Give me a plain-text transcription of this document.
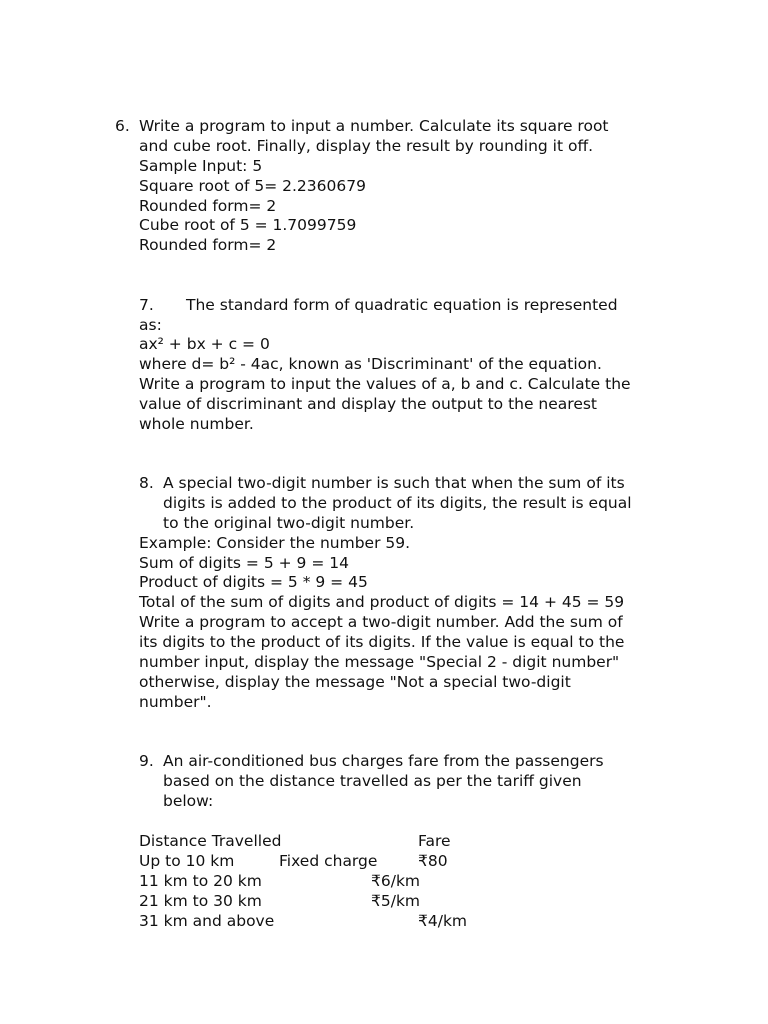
6. Write a program to input a number. Calculate its square root
and cube root. Finally, display the result by rounding it off.
Sample Input: 5
Square root of 5= 2.2360679
Rounded form= 2
Cube root of 5 = 1.7099759
Rounded form= 2
7. The standard form of quadratic equation is represented
as:
ax² + bx + c = 0
where d= b² - 4ac, known as 'Discriminant' of the equation.
Write a program to input the values of a, b and c. Calculate the
value of discriminant and display the output to the nearest
whole number.
8. A special two-digit number is such that when the sum of its
digits is added to the product of its digits, the result is equal
to the original two-digit number.
Example: Consider the number 59.
Sum of digits = 5 + 9 = 14
Product of digits = 5 * 9 = 45
Total of the sum of digits and product of digits = 14 + 45 = 59
Write a program to accept a two-digit number. Add the sum of
its digits to the product of its digits. If the value is equal to the
number input, display the message "Special 2 - digit number"
otherwise, display the message "Not a special two-digit
number".
9. An air-conditioned bus charges fare from the passengers
based on the distance travelled as per the tariff given
below:
Distance Travelled	Fare
Up to 10 km	Fixed charge	₹80
11 km to 20 km	₹6/km
21 km to 30 km	₹5/km
31 km and above	₹4/km
